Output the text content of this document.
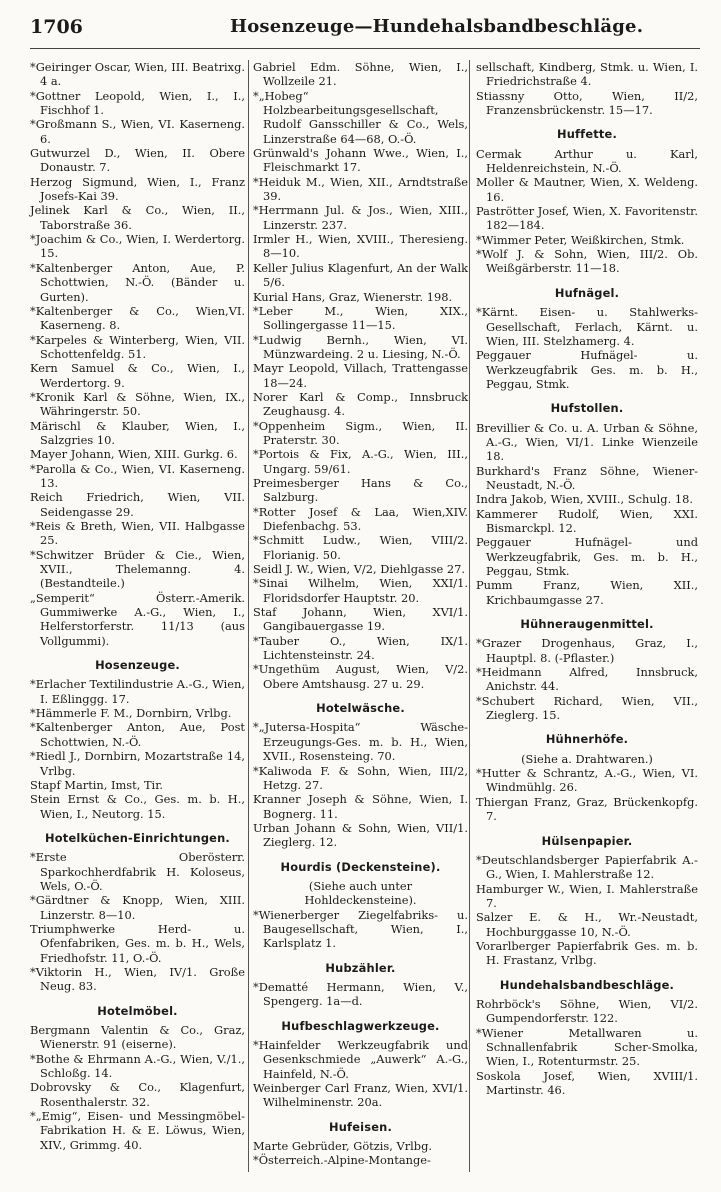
1706	Hosenzeuge—Hundehalsbandbeschläge.

*Geiringer Oscar, Wien, III. Beatrixg. 4 a.

*Gottner Leopold, Wien, I., I., Fischhof 1.

*Großmann S., Wien, VI. Kaserneng. 6.

Gutwurzel D., Wien, II. Obere Donaustr. 7.

Herzog Sigmund, Wien, I., Franz Josefs-Kai 39.

Jelinek Karl & Co., Wien, II., Taborstraße 36.

*Joachim & Co., Wien, I. Werdertorg. 15.

*Kaltenberger Anton, Aue, P. Schottwien, N.-Ö. (Bänder u. Gurten).

*Kaltenberger & Co., Wien,VI. Kaserneng. 8.

*Karpeles & Winterberg, Wien, VII. Schottenfeldg. 51.

Kern Samuel & Co., Wien, I., Werdertorg. 9.

*Kronik Karl & Söhne, Wien, IX., Währingerstr. 50.

Märischl & Klauber, Wien, I., Salzgries 10.

Mayer Johann, Wien, XIII. Gurkg. 6.

*Parolla & Co., Wien, VI. Kaserneng. 13.

Reich Friedrich, Wien, VII. Seidengasse 29.

*Reis & Breth, Wien, VII. Halbgasse 25.

*Schwitzer Brüder & Cie., Wien, XVII., Thelemanng. 4. (Bestandteile.)

„Semperit“ Österr.-Amerik. Gummiwerke A.-G., Wien, I., Helferstorferstr. 11/13 (aus Vollgummi).

Hosenzeuge.

*Erlacher Textilindustrie A.-G., Wien, I. Eßlinggg. 17.

*Hämmerle F. M., Dornbirn, Vrlbg.

*Kaltenberger Anton, Aue, Post Schottwien, N.-Ö.

*Riedl J., Dornbirn, Mozartstraße 14, Vrlbg.

Stapf Martin, Imst, Tir.

Stein Ernst & Co., Ges. m. b. H., Wien, I., Neutorg. 15.

Hotelküchen-Einrichtungen.

*Erste Oberösterr. Sparkochherdfabrik H. Koloseus, Wels, O.-Ö.

*Gärdtner & Knopp, Wien, XIII. Linzerstr. 8—10.

Triumphwerke Herd- u. Ofenfabriken, Ges. m. b. H., Wels, Friedhofstr. 11, O.-Ö.

*Viktorin H., Wien, IV/1. Große Neug. 83.

Hotelmöbel.

Bergmann Valentin & Co., Graz, Wienerstr. 91 (eiserne).

*Bothe & Ehrmann A.-G., Wien, V./1., Schloßg. 14.

Dobrovsky & Co., Klagenfurt, Rosenthalerstr. 32.

*„Emig“, Eisen- und Messingmöbel-Fabrikation H. & E. Löwus, Wien, XIV., Grimmg. 40.

Gabriel Edm. Söhne, Wien, I., Wollzeile 21.

*„Hobeg“ Holzbearbeitungsgesellschaft, Rudolf Gansschiller & Co., Wels, Linzerstraße 64—68, O.-Ö.

Grünwald's Johann Wwe., Wien, I., Fleischmarkt 17.

*Heiduk M., Wien, XII., Arndtstraße 39.

*Herrmann Jul. & Jos., Wien, XIII., Linzerstr. 237.

Irmler H., Wien, XVIII., Theresieng. 8—10.

Keller Julius Klagenfurt, An der Walk 5/6.

Kurial Hans, Graz, Wienerstr. 198.

*Leber M., Wien, XIX., Sollingergasse 11—15.

*Ludwig Bernh., Wien, VI. Münzwardeing. 2 u. Liesing, N.-Ö.

Mayr Leopold, Villach, Trattengasse 18—24.

Norer Karl & Comp., Innsbruck Zeughausg. 4.

*Oppenheim Sigm., Wien, II. Praterstr. 30.

*Portois & Fix, A.-G., Wien, III., Ungarg. 59/61.

Preimesberger Hans & Co., Salzburg.

*Rotter Josef & Laa, Wien,XIV. Diefenbachg. 53.

*Schmitt Ludw., Wien, VIII/2. Florianig. 50.

Seidl J. W., Wien, V/2, Diehlgasse 27.

*Sinai Wilhelm, Wien, XXI/1. Floridsdorfer Hauptstr. 20.

Staf Johann, Wien, XVI/1. Gangibauergasse 19.

*Tauber O., Wien, IX/1. Lichtensteinstr. 24.

*Ungethüm August, Wien, V/2. Obere Amtshausg. 27 u. 29.

Hotelwäsche.

*„Jutersa-Hospita“ Wäsche-Erzeugungs-Ges. m. b. H., Wien, XVII., Rosensteing. 70.

*Kaliwoda F. & Sohn, Wien, III/2, Hetzg. 27.

Kranner Joseph & Söhne, Wien, I. Bognerg. 11.

Urban Johann & Sohn, Wien, VII/1. Zieglerg. 12.

Hourdis (Deckensteine).

(Siehe auch unter Hohldeckensteine).

*Wienerberger Ziegelfabriks- u. Baugesellschaft, Wien, I., Karlsplatz 1.

Hubzähler.

*Dematté Hermann, Wien, V., Spengerg. 1a—d.

Hufbeschlagwerkzeuge.

*Hainfelder Werkzeugfabrik und Gesenkschmiede „Auwerk“ A.-G., Hainfeld, N.-Ö.

Weinberger Carl Franz, Wien, XVI/1. Wilhelminenstr. 20a.

Hufeisen.

Marte Gebrüder, Götzis, Vrlbg.

*Österreich.-Alpine-Montange-

sellschaft, Kindberg, Stmk. u. Wien, I. Friedrichstraße 4.

Stiassny Otto, Wien, II/2, Franzensbrückenstr. 15—17.

Huffette.

Cermak Arthur u. Karl, Heldenreichstein, N.-Ö.

Moller & Mautner, Wien, X. Weldeng. 16.

Paströtter Josef, Wien, X. Favoritenstr. 182—184.

*Wimmer Peter, Weißkirchen, Stmk.

*Wolf J. & Sohn, Wien, III/2. Ob. Weißgärberstr. 11—18.

Hufnägel.

*Kärnt. Eisen- u. Stahlwerks-Gesellschaft, Ferlach, Kärnt. u. Wien, III. Stelzhamerg. 4.

Peggauer Hufnägel- u. Werkzeugfabrik Ges. m. b. H., Peggau, Stmk.

Hufstollen.

Brevillier & Co. u. A. Urban & Söhne, A.-G., Wien, VI/1. Linke Wienzeile 18.

Burkhard's Franz Söhne, Wiener-Neustadt, N.-Ö.

Indra Jakob, Wien, XVIII., Schulg. 18.

Kammerer Rudolf, Wien, XXI. Bismarckpl. 12.

Peggauer Hufnägel- und Werkzeugfabrik, Ges. m. b. H., Peggau, Stmk.

Pumm Franz, Wien, XII., Krichbaumgasse 27.

Hühneraugenmittel.

*Grazer Drogenhaus, Graz, I., Hauptpl. 8. (-Pflaster.)

*Heidmann Alfred, Innsbruck, Anichstr. 44.

*Schubert Richard, Wien, VII., Zieglerg. 15.

Hühnerhöfe.

(Siehe a. Drahtwaren.)

*Hutter & Schrantz, A.-G., Wien, VI. Windmühlg. 26.

Thiergan Franz, Graz, Brückenkopfg. 7.

Hülsenpapier.

*Deutschlandsberger Papierfabrik A.-G., Wien, I. Mahlerstraße 12.

Hamburger W., Wien, I. Mahlerstraße 7.

Salzer E. & H., Wr.-Neustadt, Hochburggasse 10, N.-Ö.

Vorarlberger Papierfabrik Ges. m. b. H. Frastanz, Vrlbg.

Hundehalsbandbeschläge.

Rohrböck's Söhne, Wien, VI/2. Gumpendorferstr. 122.

*Wiener Metallwaren u. Schnallenfabrik Scher-Smolka, Wien, I., Rotenturmstr. 25.

Soskola Josef, Wien, XVIII/1. Martinstr. 46.
